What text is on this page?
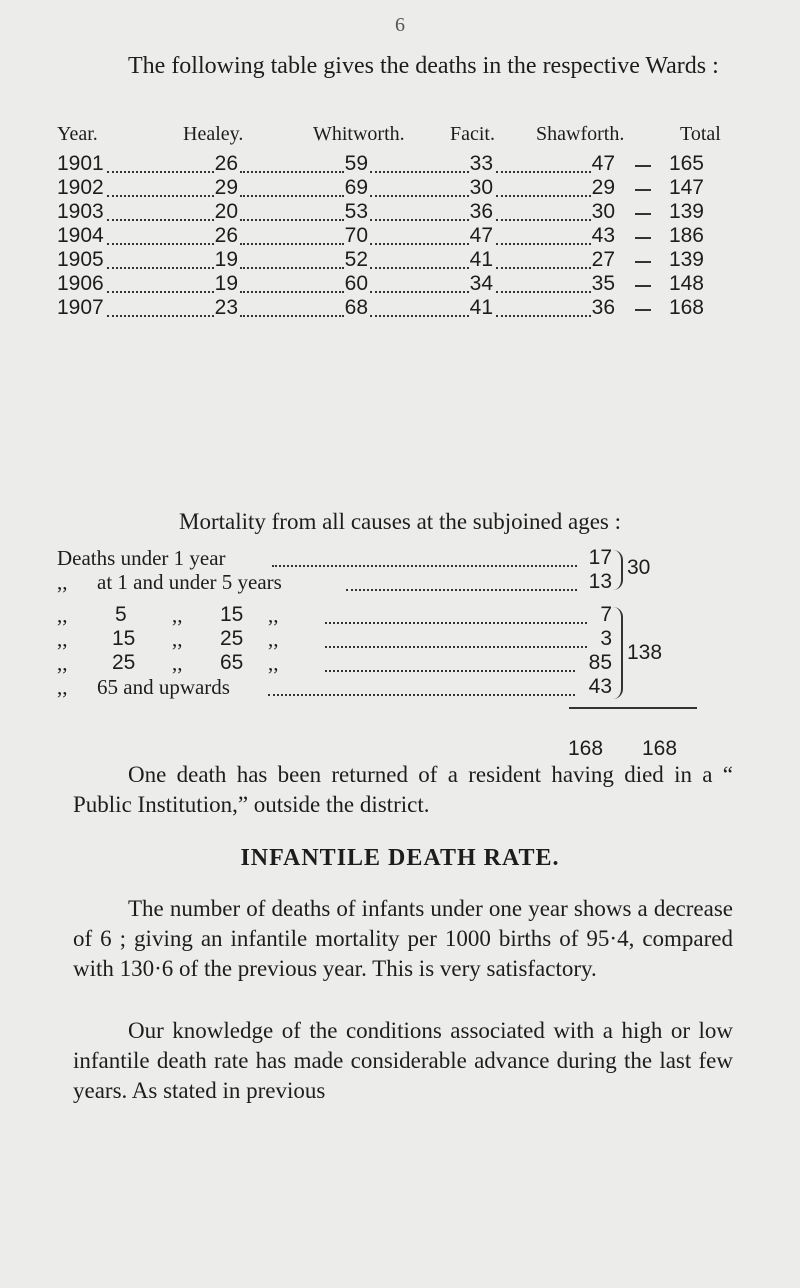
6
The following table gives the deaths in the respective Wards :
Year.	Healey.	Whitworth. Facit. Shawforth.	Total
1901	26	59	33	47	165
1902	29	69	30	29	147
1903	20	53	36	30	139
1904	26	70	47	43	186
1905	19	52	41	27	139
1906	19	60	34	35	148
1907	23	68	41	36	168
Mortality from all causes at the subjoined ages :
Deaths under 1 year	17
,, at 1 and under 5 years	13
30
,, 5 ,, 15 ,,	7
,, 15 ,, 25 ,,	3
,, 25 ,, 65 ,,	85
,, 65 and upwards	43
138
168 168
One death has been returned of a resident having died in a “ Public Institution,” outside the district.
INFANTILE DEATH RATE.
The number of deaths of infants under one year shows a decrease of 6 ; giving an infantile mortality per 1000 births of 95·4, compared with 130·6 of the previous year. This is very satisfactory.
Our knowledge of the conditions associated with a high or low infantile death rate has made considerable advance during the last few years. As stated in previous
